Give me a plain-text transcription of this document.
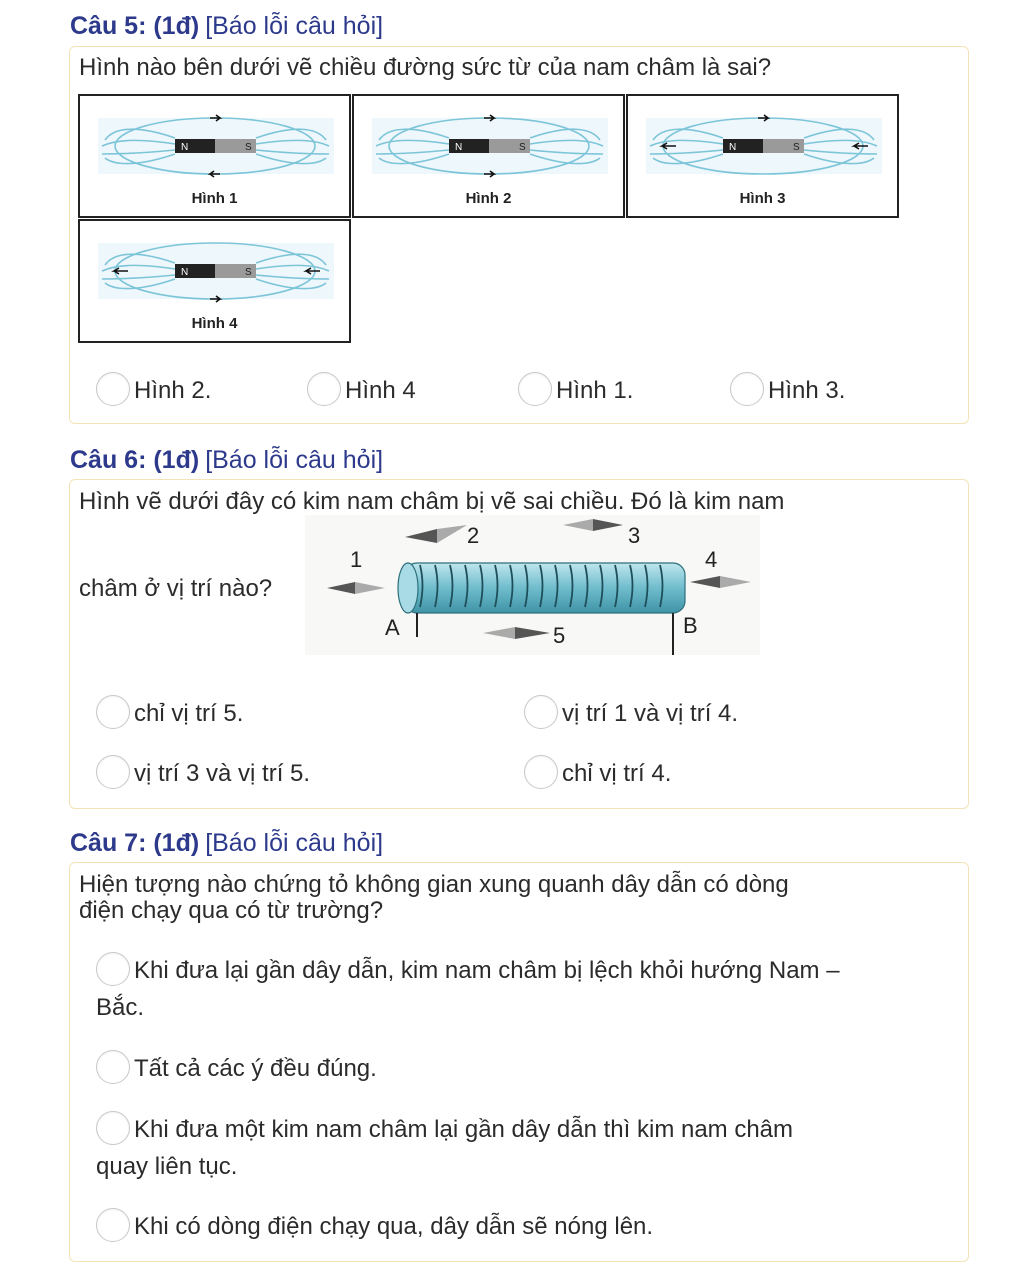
Câu 5: (1đ) [Báo lỗi câu hỏi]
Hình nào bên dưới vẽ chiều đường sức từ của nam châm là sai?
N	S
Hình 1
N	S
Hình 2
N	S
Hình 3
N	S
Hình 4
Hình 2.	Hình 4	Hình 1.	Hình 3.
Câu 6: (1đ) [Báo lỗi câu hỏi]
Hình vẽ dưới đây có kim nam châm bị vẽ sai chiều. Đó là kim nam
châm ở vị trí nào?
A	B
1
2	3
4
5
chỉ vị trí 5.	vị trí 1 và vị trí 4.
vị trí 3 và vị trí 5.	chỉ vị trí 4.
Câu 7: (1đ) [Báo lỗi câu hỏi]
Hiện tượng nào chứng tỏ không gian xung quanh dây dẫn có dòng
điện chạy qua có từ trường?
Khi đưa lại gần dây dẫn, kim nam châm bị lệch khỏi hướng Nam –
Bắc.
Tất cả các ý đều đúng.
Khi đưa một kim nam châm lại gần dây dẫn thì kim nam châm
quay liên tục.
Khi có dòng điện chạy qua, dây dẫn sẽ nóng lên.
